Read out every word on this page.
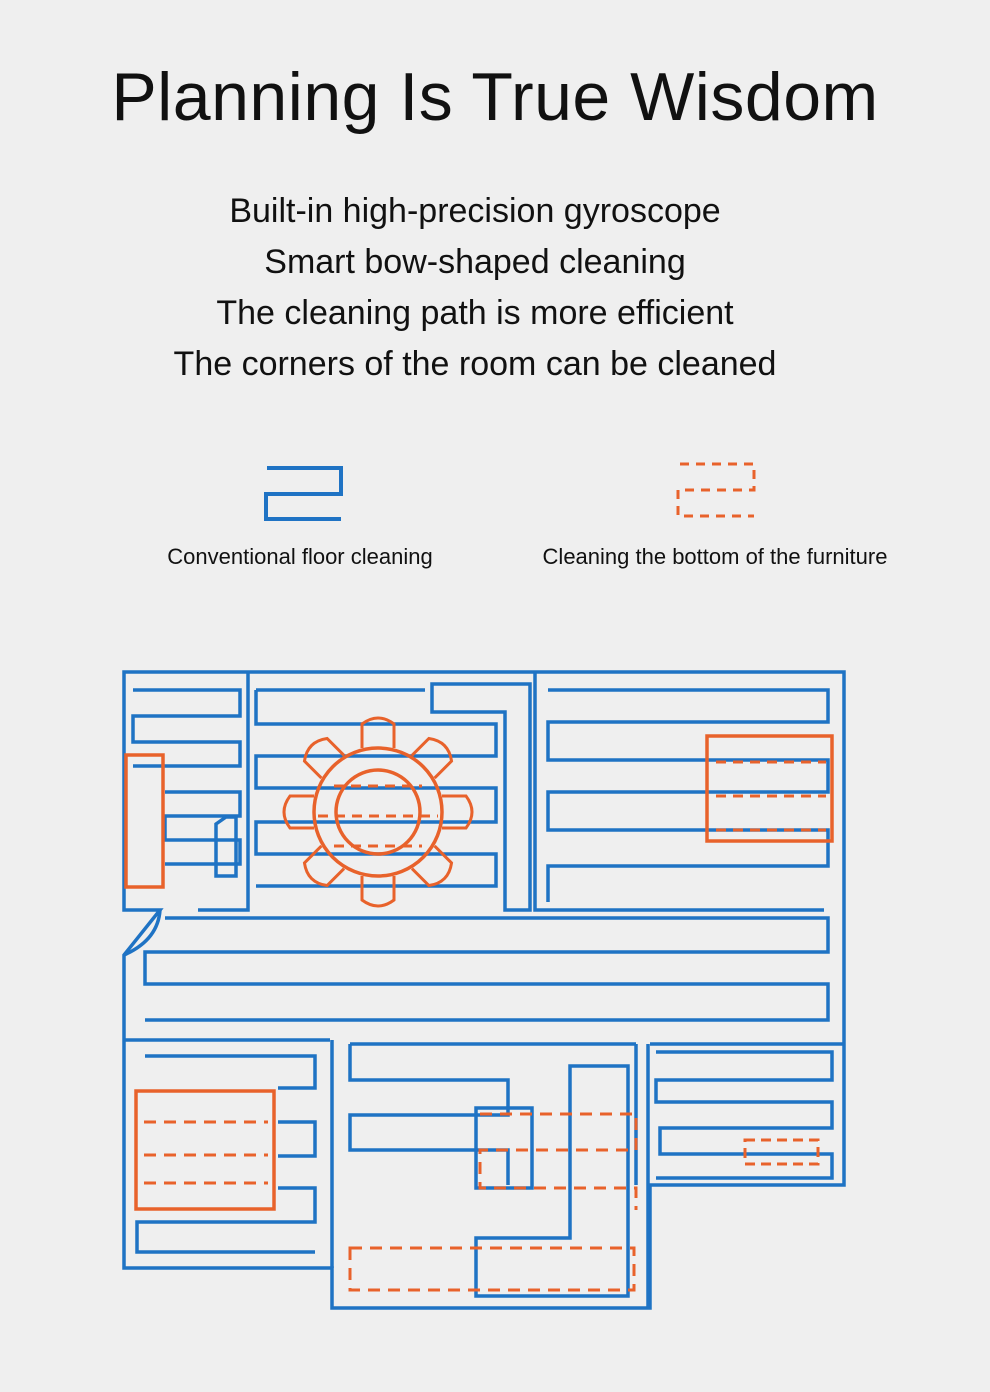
Planning Is True Wisdom
Built-in high-precision gyroscope
Smart bow-shaped cleaning
The cleaning path is more efficient
The corners of the room can be cleaned
Conventional floor cleaning	Cleaning the bottom of the furniture
